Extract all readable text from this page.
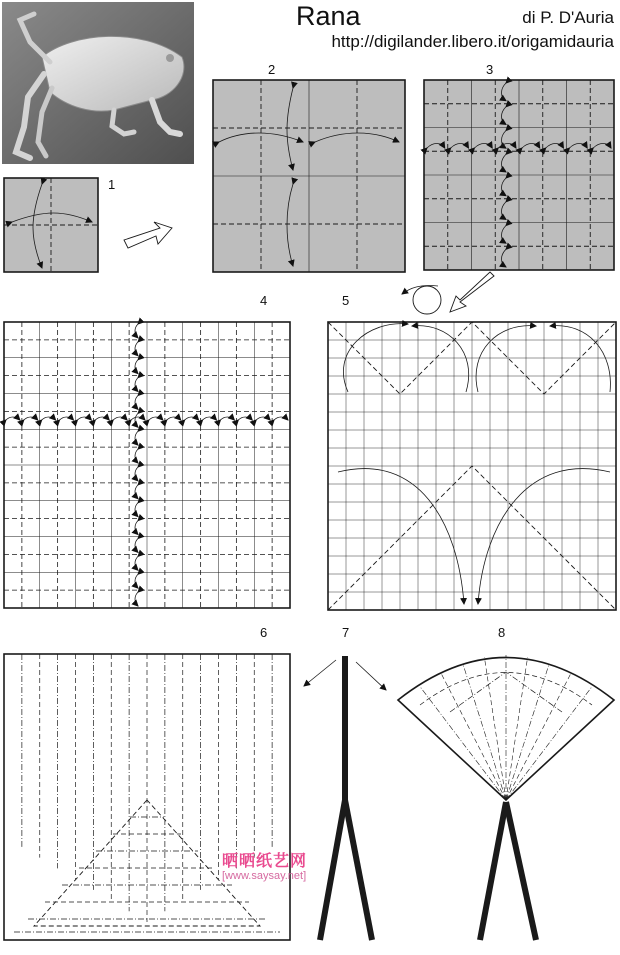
Rana	di P. D'Auria
http://digilander.libero.it/origamidauria
1
2	3
4	5
6	7	8
晒晒纸艺网
[www.saysay.net]
